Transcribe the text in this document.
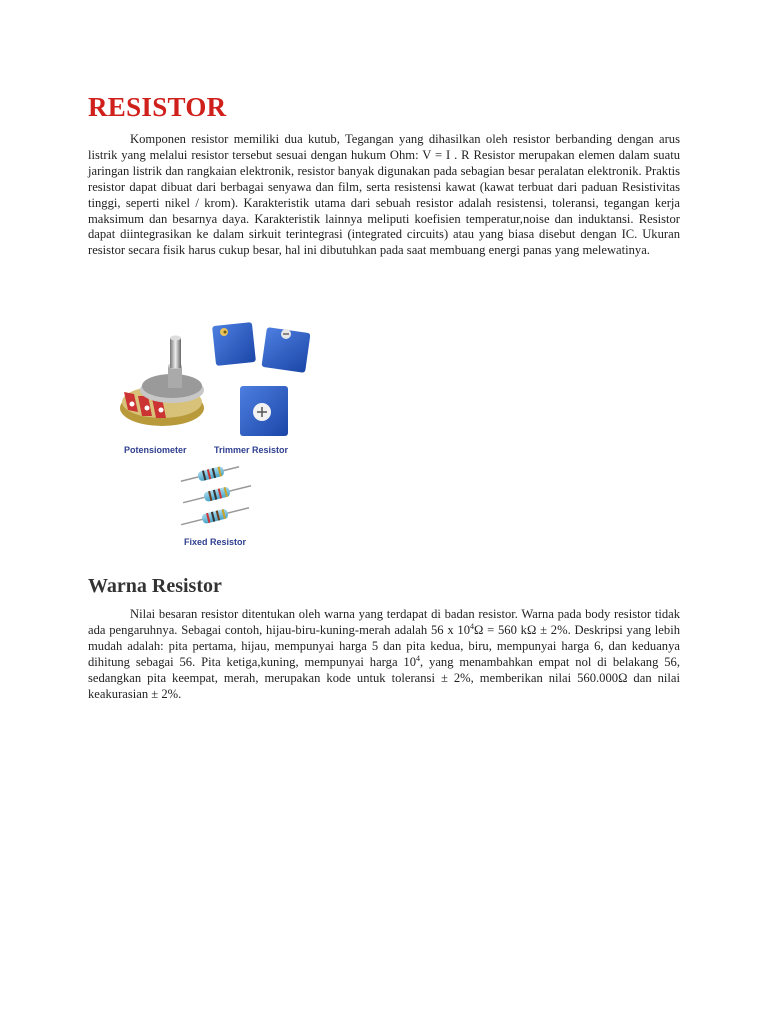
RESISTOR

Komponen resistor memiliki dua kutub, Tegangan yang dihasilkan oleh resistor berbanding dengan arus listrik yang melalui resistor tersebut sesuai dengan hukum Ohm: V = I . R Resistor merupakan elemen dalam suatu jaringan listrik dan rangkaian elektronik, resistor banyak digunakan pada sebagian besar peralatan elektronik. Praktis resistor dapat dibuat dari berbagai senyawa dan film, serta resistensi kawat (kawat terbuat dari paduan Resistivitas tinggi, seperti nikel / krom). Karakteristik utama dari sebuah resistor adalah resistensi, toleransi, tegangan kerja maksimum dan besarnya daya. Karakteristik lainnya meliputi koefisien temperatur,noise dan induktansi. Resistor dapat diintegrasikan ke dalam sirkuit terintegrasi (integrated circuits) atau yang biasa disebut dengan IC. Ukuran resistor secara fisik harus cukup besar, hal ini dibutuhkan pada saat membuang energi panas yang melewatinya.

Potensiometer	Trimmer Resistor
Fixed Resistor
Warna Resistor

Nilai besaran resistor ditentukan oleh warna yang terdapat di badan resistor. Warna pada body resistor tidak ada pengaruhnya. Sebagai contoh, hijau-biru-kuning-merah adalah 56 x $10^4\Omega = 560$ kΩ ± 2%. Deskripsi yang lebih mudah adalah: pita pertama, hijau, mempunyai harga 5 dan pita kedua, biru, mempunyai harga 6, dan keduanya dihitung sebagai 56. Pita ketiga,kuning, mempunyai harga $10^4$, yang menambahkan empat nol di belakang 56, sedangkan pita keempat, merah, merupakan kode untuk toleransi ± 2%, memberikan nilai 560.000Ω dan nilai keakurasian ± 2%.
